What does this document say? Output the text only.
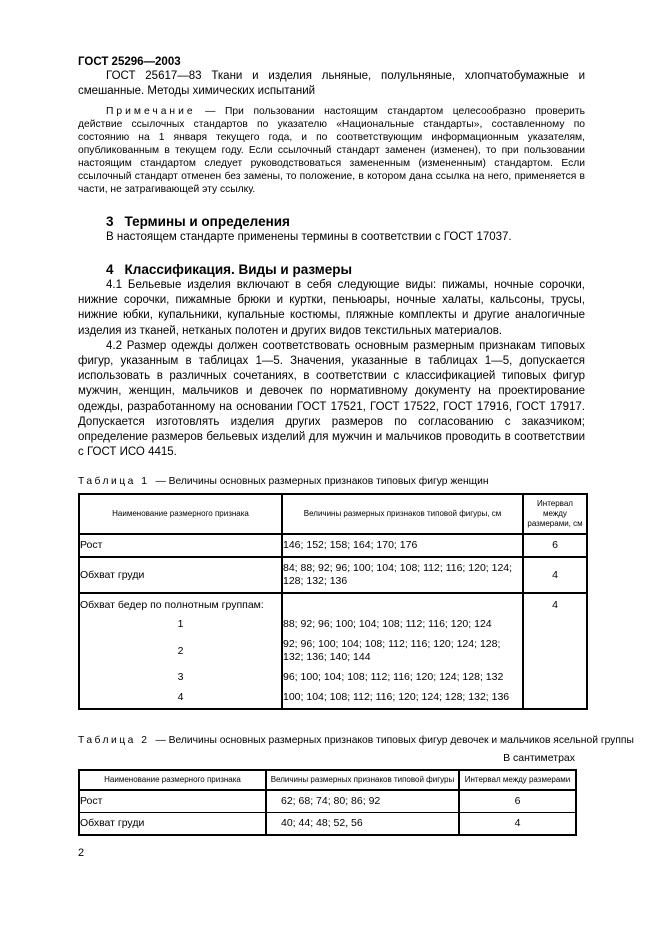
ГОСТ 25296—2003

ГОСТ 25617—83 Ткани и изделия льняные, полульняные, хлопчатобумажные и смешанные. Методы химических испытаний

Примечание — При пользовании настоящим стандартом целесообразно проверить действие ссылочных стандартов по указателю «Национальные стандарты», составленному по состоянию на 1 января текущего года, и по соответствующим информационным указателям, опубликованным в текущем году. Если ссылочный стандарт заменен (изменен), то при пользовании настоящим стандартом следует руководствоваться замененным (измененным) стандартом. Если ссылочный стандарт отменен без замены, то положение, в котором дана ссылка на него, применяется в части, не затрагивающей эту ссылку.

3 Термины и определения

В настоящем стандарте применены термины в соответствии с ГОСТ 17037.

4 Классификация. Виды и размеры

4.1 Бельевые изделия включают в себя следующие виды: пижамы, ночные сорочки, нижние сорочки, пижамные брюки и куртки, пеньюары, ночные халаты, кальсоны, трусы, нижние юбки, купальники, купальные костюмы, пляжные комплекты и другие аналогичные изделия из тканей, нетканых полотен и других видов текстильных материалов.

4.2 Размер одежды должен соответствовать основным размерным признакам типовых фигур, указанным в таблицах 1—5. Значения, указанные в таблицах 1—5, допускается использовать в различных сочетаниях, в соответствии с классификацией типовых фигур мужчин, женщин, мальчиков и девочек по нормативному документу на проектирование одежды, разработанному на основании ГОСТ 17521, ГОСТ 17522, ГОСТ 17916, ГОСТ 17917. Допускается изготовлять изделия других размеров по согласованию с заказчиком; определение размеров бельевых изделий для мужчин и мальчиков проводить в соответствии с ГОСТ ИСО 4415.

Таблица 1 — Величины основных размерных признаков типовых фигур женщин

Наименование размерного признака	Величины размерных признаков типовой фигуры, см	Интервал между размерами, см
Рост	146; 152; 158; 164; 170; 176	6
Обхват груди	84; 88; 92; 96; 100; 104; 108; 112; 116; 120; 124; 128; 132; 136	4
Обхват бедер по полнотным группам:		4
1	88; 92; 96; 100; 104; 108; 112; 116; 120; 124	
2	92; 96; 100; 104; 108; 112; 116; 120; 124; 128; 132; 136; 140; 144	
3	96; 100; 104; 108; 112; 116; 120; 124; 128; 132	
4	100; 104; 108; 112; 116; 120; 124; 128; 132; 136	

Таблица 2 — Величины основных размерных признаков типовых фигур девочек и мальчиков ясельной группы

В сантиметрах
Наименование размерного признака	Величины размерных признаков типовой фигуры	Интервал между размерами
Рост	62; 68; 74; 80; 86; 92	6
Обхват груди	40; 44; 48; 52, 56	4
2
